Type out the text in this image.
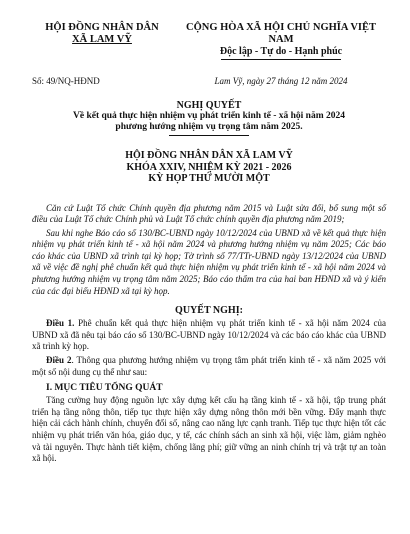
HỘI ĐỒNG NHÂN DÂN
XÃ LAM VỸ
CỘNG HÒA XÃ HỘI CHỦ NGHĨA VIỆT NAM
Độc lập - Tự do - Hạnh phúc
Số: 49/NQ-HĐND	Lam Vỹ, ngày 27 tháng 12 năm 2024
NGHỊ QUYẾT
Về kết quả thực hiện nhiệm vụ phát triển kinh tế - xã hội năm 2024
phương hướng nhiệm vụ trọng tâm năm 2025.
HỘI ĐỒNG NHÂN DÂN XÃ LAM VỸ
KHÓA XXIV, NHIỆM KỲ 2021 - 2026
KỲ HỌP THỨ MƯỜI MỘT
Căn cứ Luật Tổ chức Chính quyền địa phương năm 2015 và Luật sửa đổi, bổ sung một số điều của Luật Tổ chức Chính phủ và Luật Tổ chức chính quyền địa phương năm 2019;
Sau khi nghe Báo cáo số 130/BC-UBND ngày 10/12/2024 của UBND xã về kết quả thực hiện nhiệm vụ phát triển kinh tế - xã hội năm 2024 và phương hướng nhiệm vụ năm 2025; Các báo cáo khác của UBND xã trình tại kỳ họp; Tờ trình số 77/TTr-UBND ngày 13/12/2024 của UBND xã về việc đề nghị phê chuẩn kết quả thực hiện nhiệm vụ phát triển kinh tế - xã hội năm 2024 và phương hướng nhiệm vụ trọng tâm năm 2025; Báo cáo thẩm tra của hai ban HĐND xã và ý kiến của các đại biểu HĐND xã tại kỳ họp.
QUYẾT NGHỊ:
Điều 1. Phê chuẩn kết quả thực hiện nhiệm vụ phát triển kinh tế - xã hội năm 2024 của UBND xã đã nêu tại báo cáo số 130/BC-UBND ngày 10/12/2024 và các báo cáo khác của UBND xã trình kỳ họp.
Điều 2. Thông qua phương hướng nhiệm vụ trọng tâm phát triển kinh tế - xã năm 2025 với một số nội dung cụ thể như sau:
I. MỤC TIÊU TỔNG QUÁT
Tăng cường huy động nguồn lực xây dựng kết cấu hạ tầng kinh tế - xã hội, tập trung phát triển hạ tầng nông thôn, tiếp tục thực hiện xây dựng nông thôn mới bền vững. Đẩy mạnh thực hiện cải cách hành chính, chuyển đổi số, nâng cao năng lực cạnh tranh. Tiếp tục thực hiện tốt các nhiệm vụ phát triển văn hóa, giáo dục, y tế, các chính sách an sinh xã hội, việc làm, giảm nghèo và tài nguyên. Thực hành tiết kiệm, chống lãng phí; giữ vững an ninh chính trị và trật tự an toàn xã hội.
